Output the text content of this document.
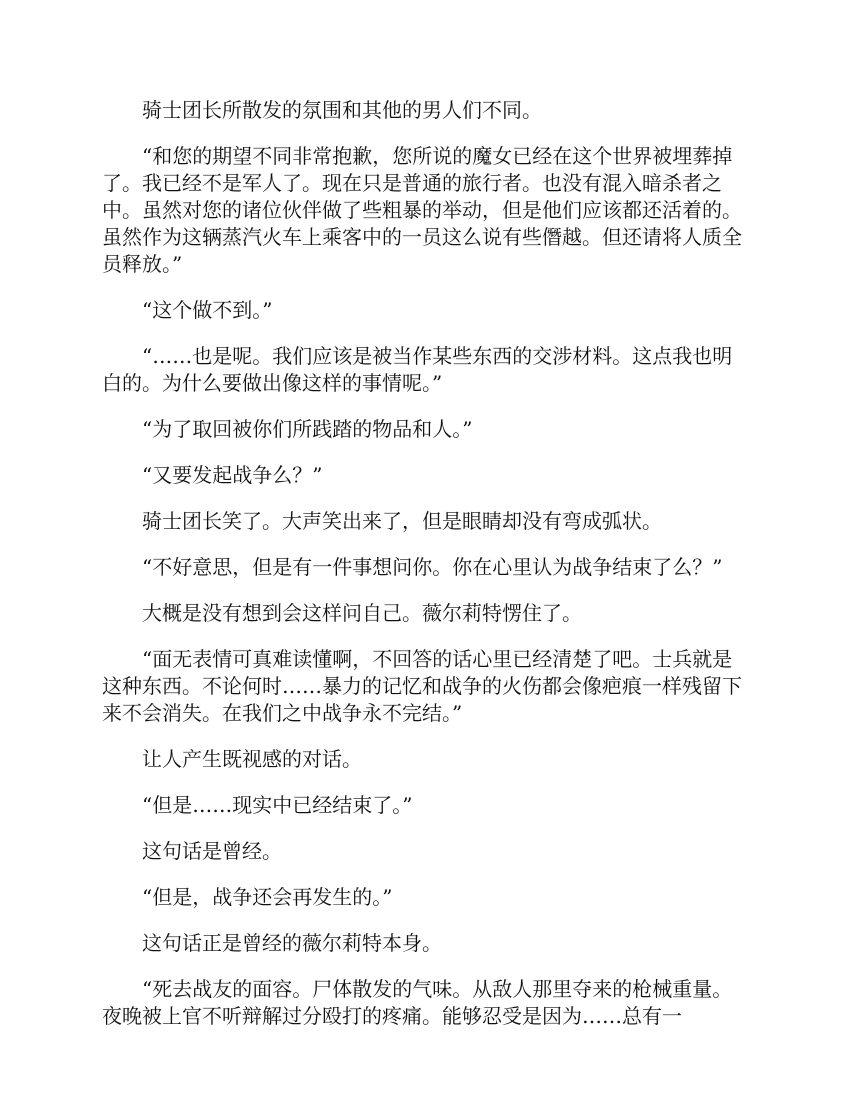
骑士团长所散发的氛围和其他的男人们不同。

“和您的期望不同非常抱歉，您所说的魔女已经在这个世界被埋葬掉了。我已经不是军人了。现在只是普通的旅行者。也没有混入暗杀者之中。虽然对您的诸位伙伴做了些粗暴的举动，但是他们应该都还活着的。虽然作为这辆蒸汽火车上乘客中的一员这么说有些僭越。但还请将人质全员释放。”

“这个做不到。”

“……也是呢。我们应该是被当作某些东西的交涉材料。这点我也明白的。为什么要做出像这样的事情呢。”

“为了取回被你们所践踏的物品和人。”

“又要发起战争么？”

骑士团长笑了。大声笑出来了，但是眼睛却没有弯成弧状。

“不好意思，但是有一件事想问你。你在心里认为战争结束了么？”

大概是没有想到会这样问自己。薇尔莉特愣住了。

“面无表情可真难读懂啊，不回答的话心里已经清楚了吧。士兵就是这种东西。不论何时……暴力的记忆和战争的火伤都会像疤痕一样残留下来不会消失。在我们之中战争永不完结。”

让人产生既视感的对话。

“但是……现实中已经结束了。”

这句话是曾经。

“但是，战争还会再发生的。”

这句话正是曾经的薇尔莉特本身。

“死去战友的面容。尸体散发的气味。从敌人那里夺来的枪械重量。夜晚被上官不听辩解过分殴打的疼痛。能够忍受是因为……总有一
